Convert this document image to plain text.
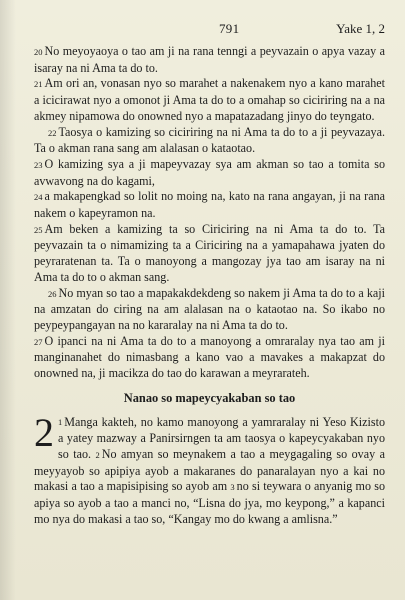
791	Yake 1, 2

20 No meyoyaoya o tao am ji na rana tenngi a peyvazain o apya vazay a isaray na ni Ama ta do to.

21 Am ori an, vonasan nyo so marahet a nakenakem nyo a kano marahet a icicirawat nyo a omonot ji Ama ta do to a omahap so ciciriring na a na akmey nipamowa do onowned nyo a mapatazadang jinyo do teyngato.

22 Taosya o kamizing so ciciriring na ni Ama ta do to a ji peyvazaya. Ta o akman rana sang am alalasan o kataotao.

23 O kamizing sya a ji mapeyvazay sya am akman so tao a tomita so avwavong na do kagami,

24 a makapengkad so lolit no moing na, kato na rana angayan, ji na rana nakem o kapeyramon na.

25 Am beken a kamizing ta so Ciriciring na ni Ama ta do to. Ta peyvazain ta o nimamizing ta a Ciriciring na a yamapahawa jyaten do peyraratenan ta. Ta o manoyong a mangozay jya tao am isaray na ni Ama ta do to o akman sang.

26 No myan so tao a mapakakdekdeng so nakem ji Ama ta do to a kaji na amzatan do ciring na am alalasan na o kataotao na. So ikabo no peypeypangayan na no kararalay na ni Ama ta do to.

27 O ipanci na ni Ama ta do to a manoyong a omraralay nya tao am ji manginanahet do nimasbang a kano vao a mavakes a makapzat do onowned na, ji macikza do tao do karawan a meyrarateh.

Nanao so mapeycyakaban so tao

2 $^1$ Manga kakteh, no kamo manoyong a yamraralay ni Yeso Kizisto a yatey mazway a Panirsirngen ta am taosya o kapeycyakaban nyo so tao. 2 No amyan so meynakem a tao a meygagaling so ovay a meyyayob so apipiya ayob a makaranes do panaralayan nyo a kai no makasi a tao a mapisipising so ayob am 3 no si teywara o anyanig mo so apiya so ayob a tao a manci no, “Lisna do jya, mo keypong,” a kapanci mo nya do makasi a tao so, “Kangay mo do kwang a amlisna.”
